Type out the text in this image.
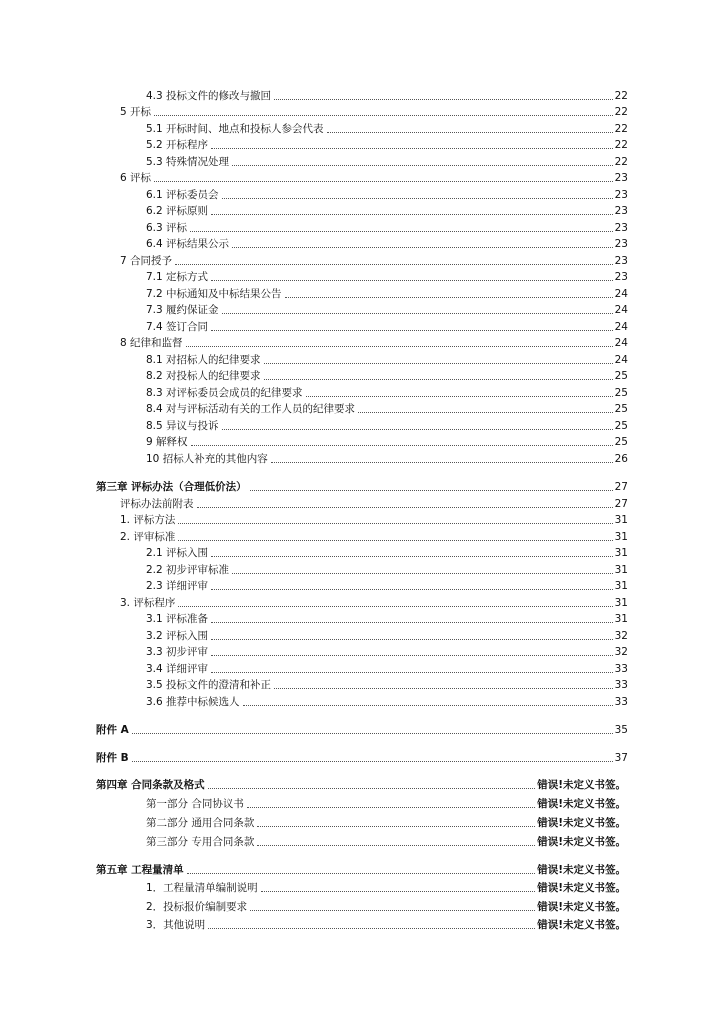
4.3 投标文件的修改与撤回	22
5 开标	22
5.1 开标时间、地点和投标人参会代表	22
5.2 开标程序	22
5.3 特殊情况处理	22
6 评标	23
6.1 评标委员会	23
6.2 评标原则	23
6.3 评标	23
6.4 评标结果公示	23
7 合同授予	23
7.1 定标方式	23
7.2 中标通知及中标结果公告	24
7.3 履约保证金	24
7.4 签订合同	24
8 纪律和监督	24
8.1 对招标人的纪律要求	24
8.2 对投标人的纪律要求	25
8.3 对评标委员会成员的纪律要求	25
8.4 对与评标活动有关的工作人员的纪律要求	25
8.5 异议与投诉	25
9 解释权	25
10 招标人补充的其他内容	26
第三章 评标办法（合理低价法）	27
评标办法前附表	27
1. 评标方法	31
2. 评审标准	31
2.1 评标入围	31
2.2 初步评审标准	31
2.3 详细评审	31
3. 评标程序	31
3.1 评标准备	31
3.2 评标入围	32
3.3 初步评审	32
3.4 详细评审	33
3.5 投标文件的澄清和补正	33
3.6 推荐中标候选人	33
附件 A	35
附件 B	37
第四章 合同条款及格式	错误!未定义书签。
第一部分 合同协议书	错误!未定义书签。
第二部分 通用合同条款	错误!未定义书签。
第三部分 专用合同条款	错误!未定义书签。
第五章 工程量清单	错误!未定义书签。
1．工程量清单编制说明	错误!未定义书签。
2．投标报价编制要求	错误!未定义书签。
3．其他说明	错误!未定义书签。
